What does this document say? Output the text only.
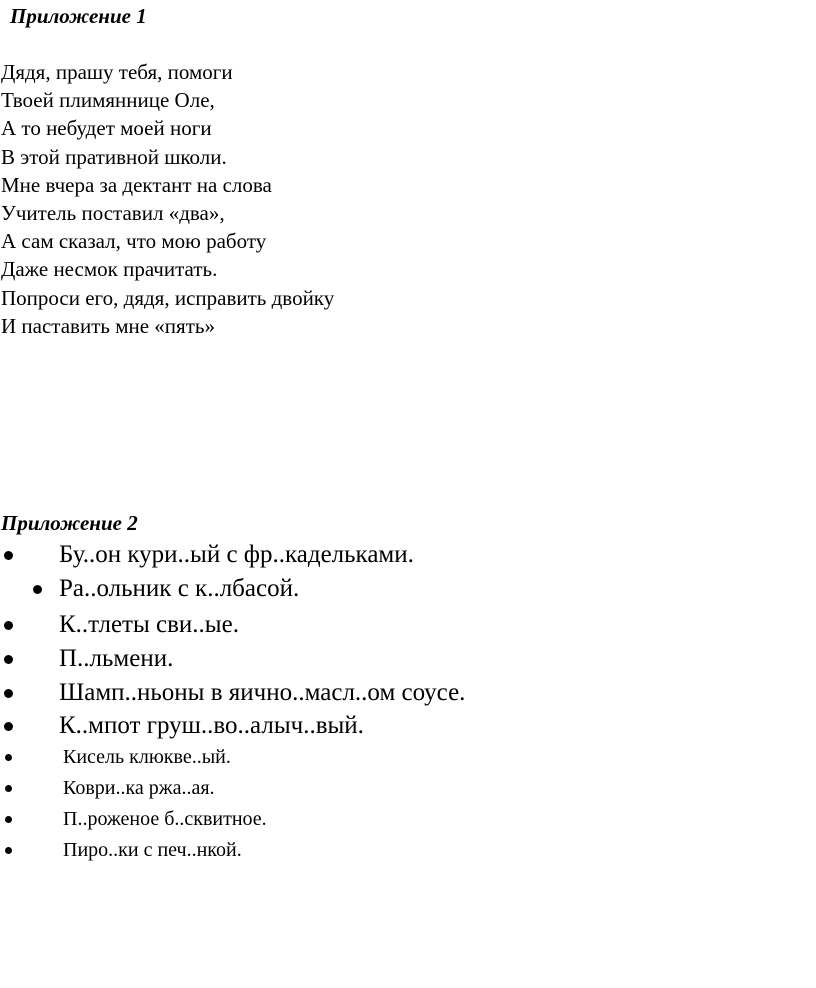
Приложение 1
Дядя, прашу тебя, помоги
Твоей плимяннице Оле,
А то небудет моей ноги
В этой пративной школи.
Мне вчера за дектант на слова
Учитель поставил «два»,
А сам сказал, что мою работу
Даже несмок прачитать.
Попроси его, дядя, исправить двойку
И паставить мне «пять»
Приложение 2
Бу..он кури..ый с фр..кадельками.
Ра..ольник с к..лбасой.
К..тлеты сви..ые.
П..льмени.
Шамп..ньоны в яично..масл..ом соусе.
К..мпот груш..во..алыч..вый.
Кисель клюкве..ый.
Коври..ка ржа..ая.
П..роженое б..сквитное.
Пиро..ки с печ..нкой.
